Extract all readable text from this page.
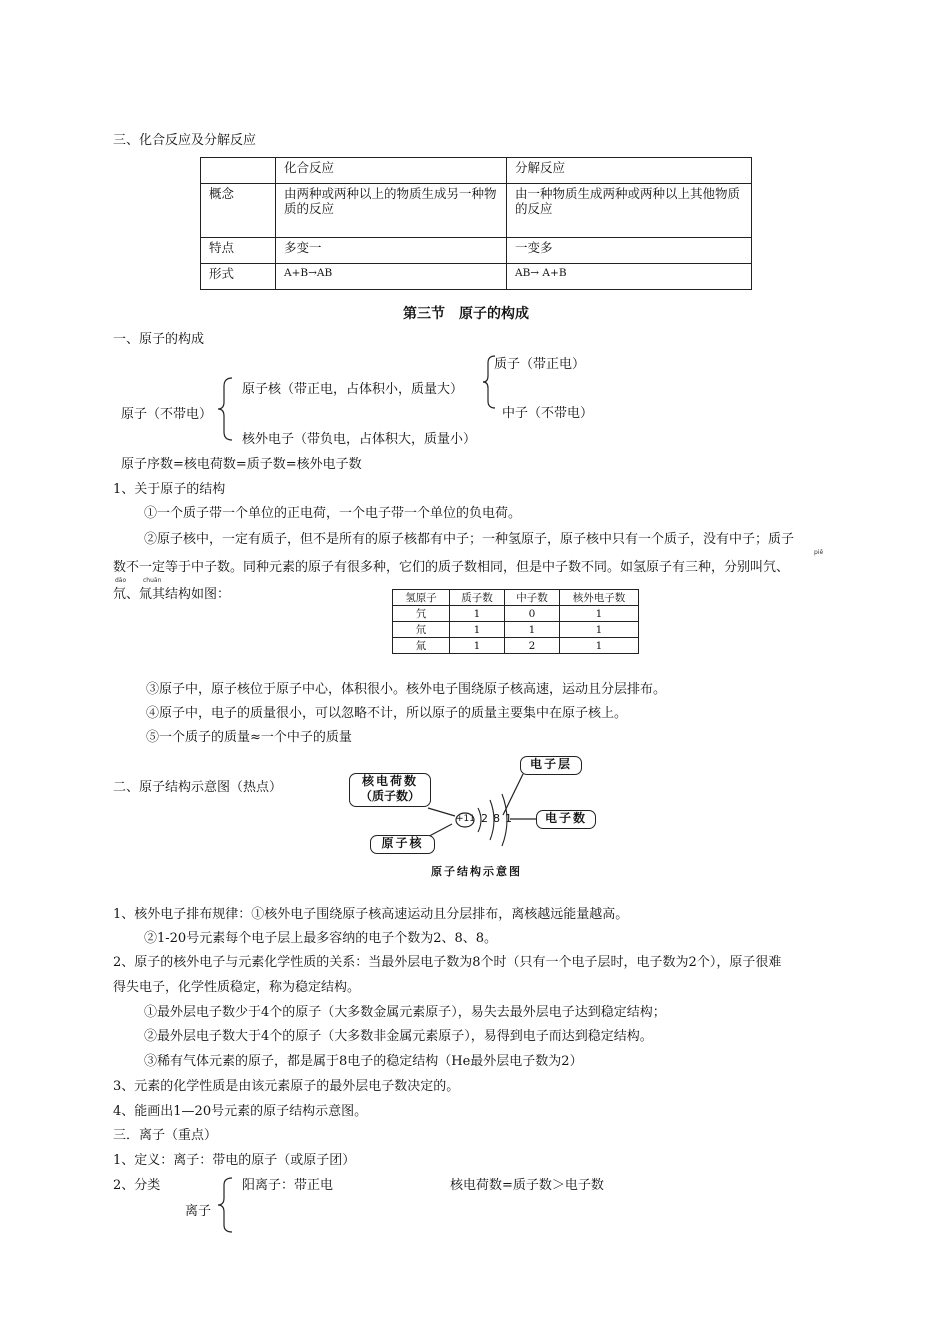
三、化合反应及分解反应
	化合反应	分解反应
概念	由两种或两种以上的物质生成另一种物质的反应	由一种物质生成两种或两种以上其他物质的反应
特点	多变一	一变多
形式	A+B→AB	AB→ A+B
第三节　原子的构成
一、原子的构成
质子（带正电）
原子核（带正电，占体积小，质量大）
原子（不带电）	中子（不带电）
核外电子（带负电，占体积大，质量小）
原子序数=核电荷数=质子数=核外电子数
1、关于原子的结构
①一个质子带一个单位的正电荷，一个电子带一个单位的负电荷。
②原子核中，一定有质子，但不是所有的原子核都有中子；一种氢原子，原子核中只有一个质子，没有中子；质子
数不一定等于中子数。同种元素的原子有很多种，它们的质子数相同，但是中子数不同。如氢原子有三种，分别叫氕、
piē
dāo	chuān
氘、氚其结构如图：	氢原子	质子数	中子数	核外电子数
氕	1	0	1
氘	1	1	1
氚	1	2	1
③原子中，原子核位于原子中心，体积很小。核外电子围绕原子核高速，运动且分层排布。
④原子中，电子的质量很小，可以忽略不计，所以原子的质量主要集中在原子核上。
⑤一个质子的质量≈一个中子的质量
二、原子结构示意图（热点）
+11 2 8 1
核电荷数
（质子数）
电子层
电子数
原子核
原子结构示意图
1、核外电子排布规律：①核外电子围绕原子核高速运动且分层排布，离核越远能量越高。
②1-20号元素每个电子层上最多容纳的电子个数为2、8、8。
2、原子的核外电子与元素化学性质的关系：当最外层电子数为8个时（只有一个电子层时，电子数为2个），原子很难
得失电子，化学性质稳定，称为稳定结构。
①最外层电子数少于4个的原子（大多数金属元素原子），易失去最外层电子达到稳定结构；
②最外层电子数大于4个的原子（大多数非金属元素原子），易得到电子而达到稳定结构。
③稀有气体元素的原子，都是属于8电子的稳定结构（He最外层电子数为2）
3、元素的化学性质是由该元素原子的最外层电子数决定的。
4、能画出1—20号元素的原子结构示意图。
三．离子（重点）
1、定义：离子：带电的原子（或原子团）
2、分类	阳离子：带正电	核电荷数=质子数＞电子数
离子
